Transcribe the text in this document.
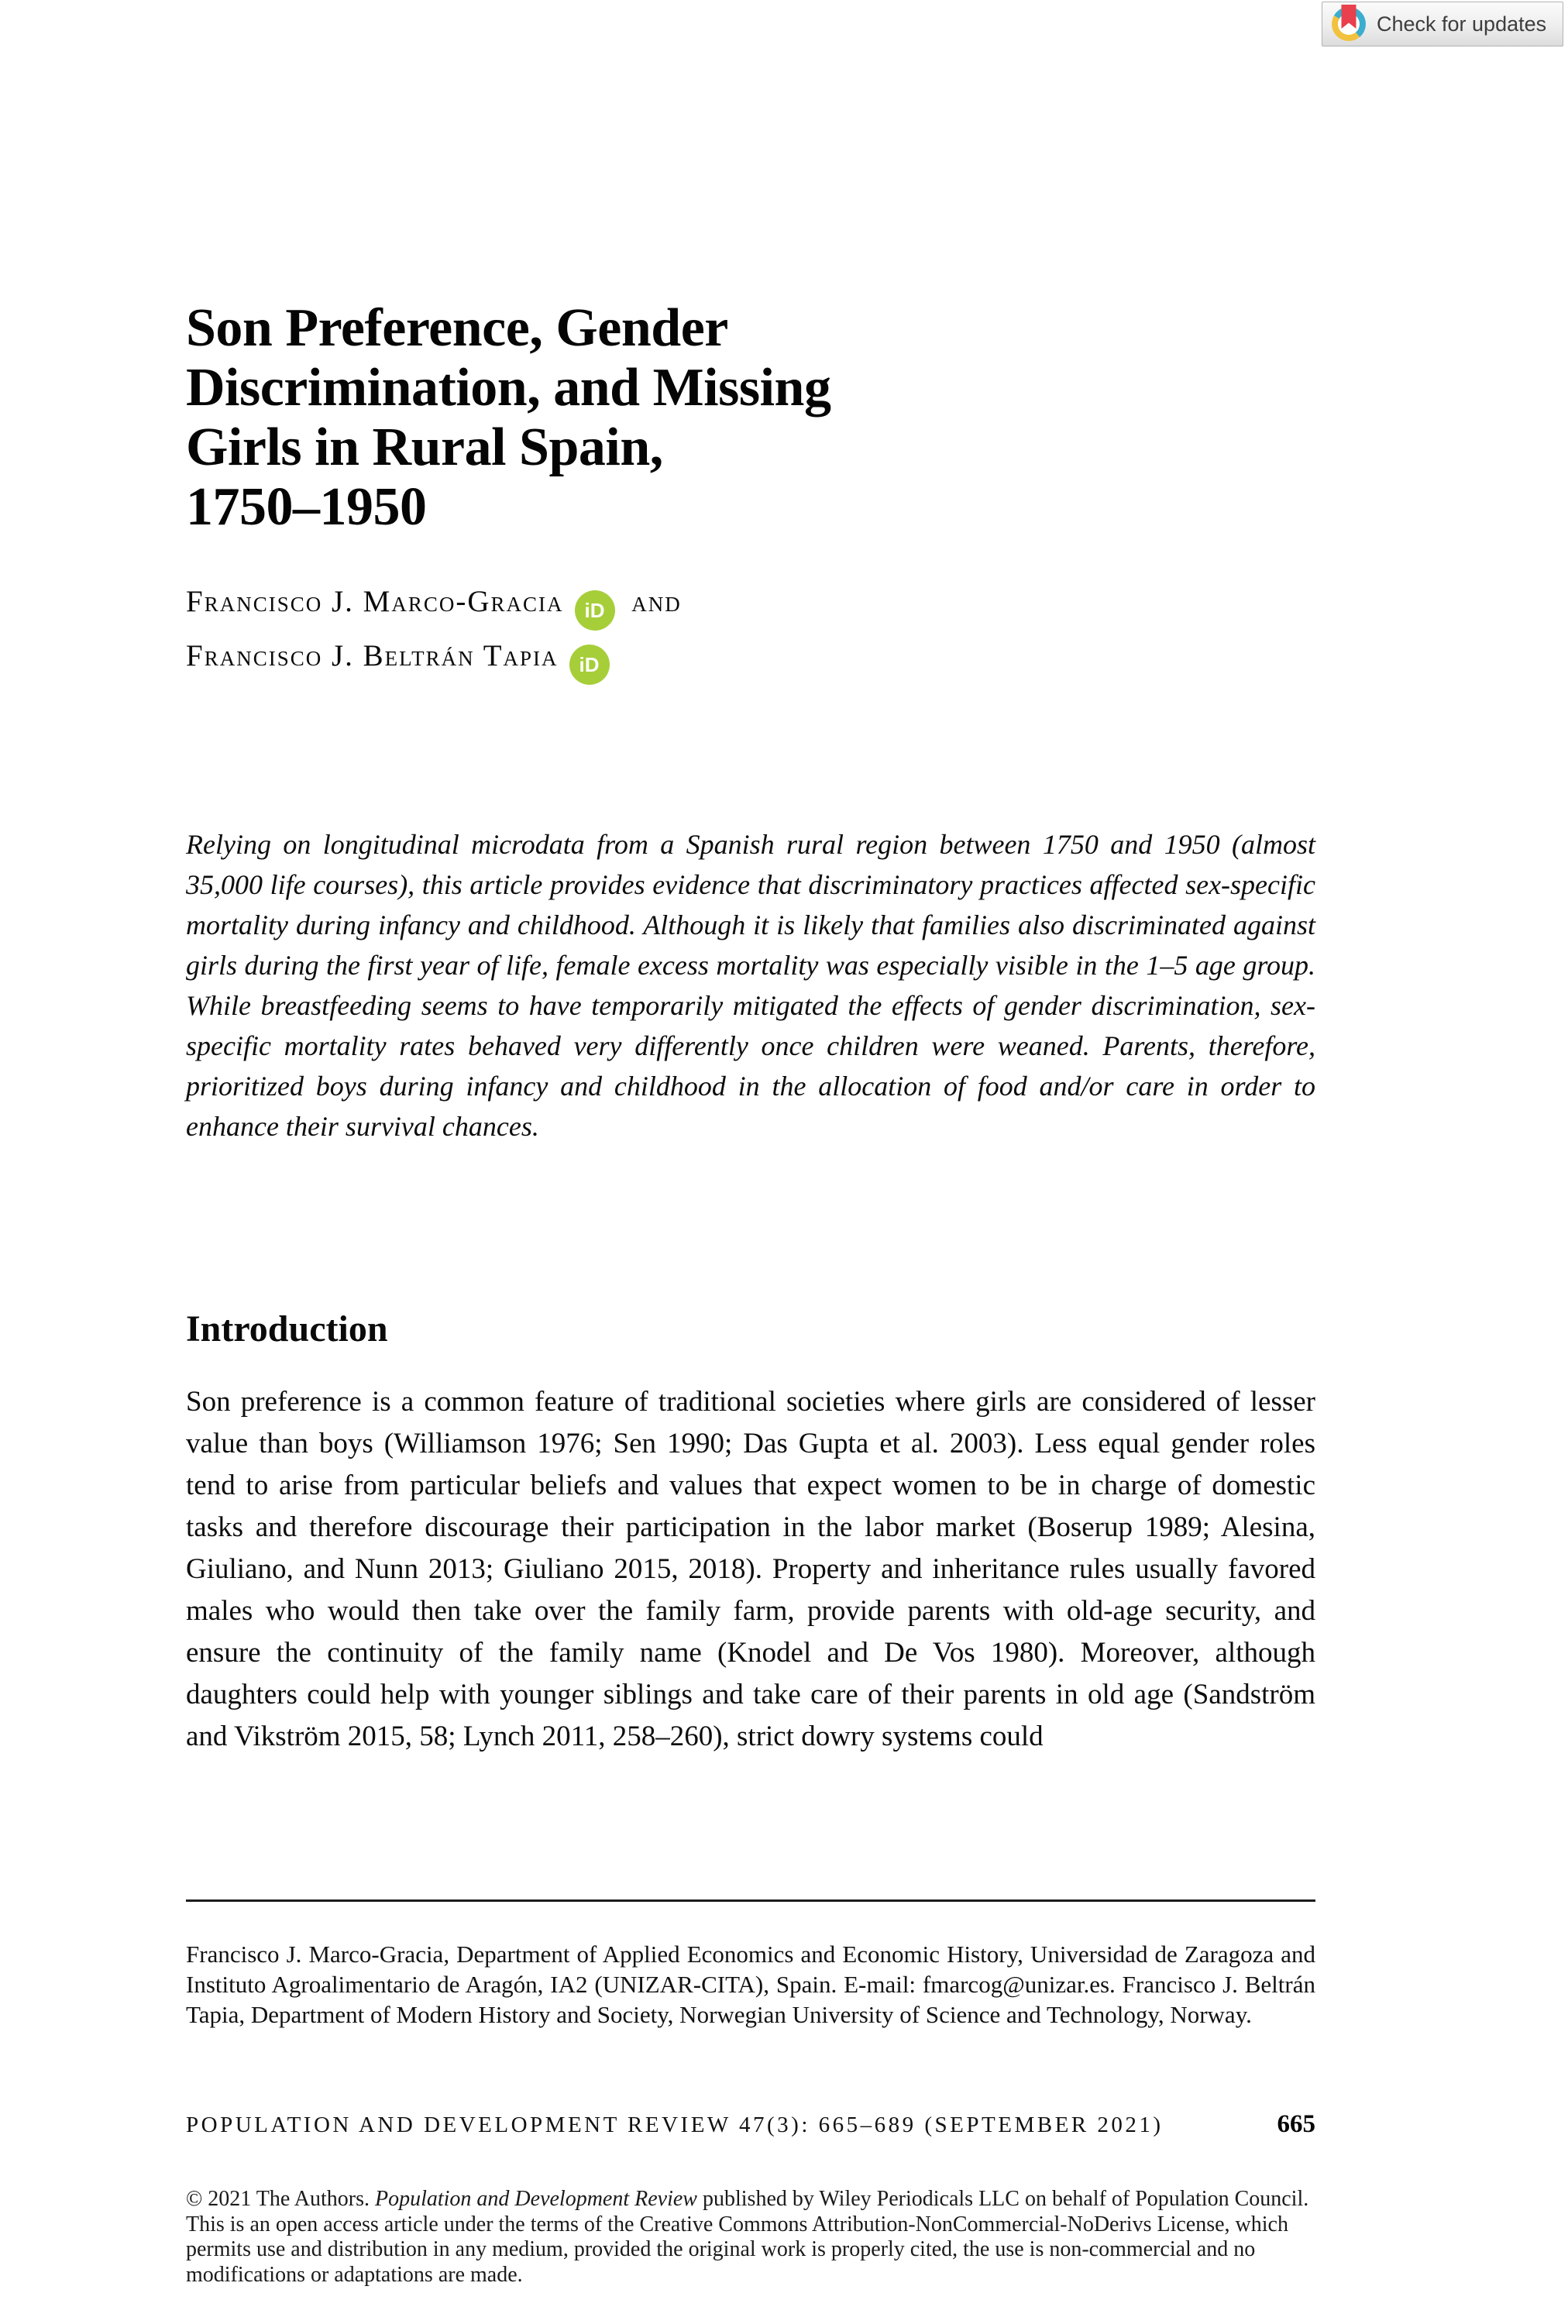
Check for updates
Son Preference, Gender
Discrimination, and Missing
Girls in Rural Spain,
1750–1950
Francisco J. Marco-Gracia iD and
Francisco J. Beltrán Tapia iD

Relying on longitudinal microdata from a Spanish rural region between 1750 and 1950 (almost 35,000 life courses), this article provides evidence that discriminatory practices affected sex-specific mortality during infancy and childhood. Although it is likely that families also discriminated against girls during the first year of life, female excess mortality was especially visible in the 1–5 age group. While breastfeeding seems to have temporarily mitigated the effects of gender discrimination, sex-specific mortality rates behaved very differently once children were weaned. Parents, therefore, prioritized boys during infancy and childhood in the allocation of food and/or care in order to enhance their survival chances.

Introduction

Son preference is a common feature of traditional societies where girls are considered of lesser value than boys (Williamson 1976; Sen 1990; Das Gupta et al. 2003). Less equal gender roles tend to arise from particular beliefs and values that expect women to be in charge of domestic tasks and therefore discourage their participation in the labor market (Boserup 1989; Alesina, Giuliano, and Nunn 2013; Giuliano 2015, 2018). Property and inheritance rules usually favored males who would then take over the family farm, provide parents with old-age security, and ensure the continuity of the family name (Knodel and De Vos 1980). Moreover, although daughters could help with younger siblings and take care of their parents in old age (Sandström and Vikström 2015, 58; Lynch 2011, 258–260), strict dowry systems could

Francisco J. Marco-Gracia, Department of Applied Economics and Economic History, Universidad de Zaragoza and Instituto Agroalimentario de Aragón, IA2 (UNIZAR-CITA), Spain. E-mail: fmarcog@unizar.es. Francisco J. Beltrán Tapia, Department of Modern History and Society, Norwegian University of Science and Technology, Norway.

POPULATION AND DEVELOPMENT REVIEW 47(3): 665–689 (SEPTEMBER 2021)	665

© 2021 The Authors. Population and Development Review published by Wiley Periodicals LLC on behalf of Population Council. This is an open access article under the terms of the Creative Commons Attribution-NonCommercial-NoDerivs License, which permits use and distribution in any medium, provided the original work is properly cited, the use is non-commercial and no modifications or adaptations are made.
